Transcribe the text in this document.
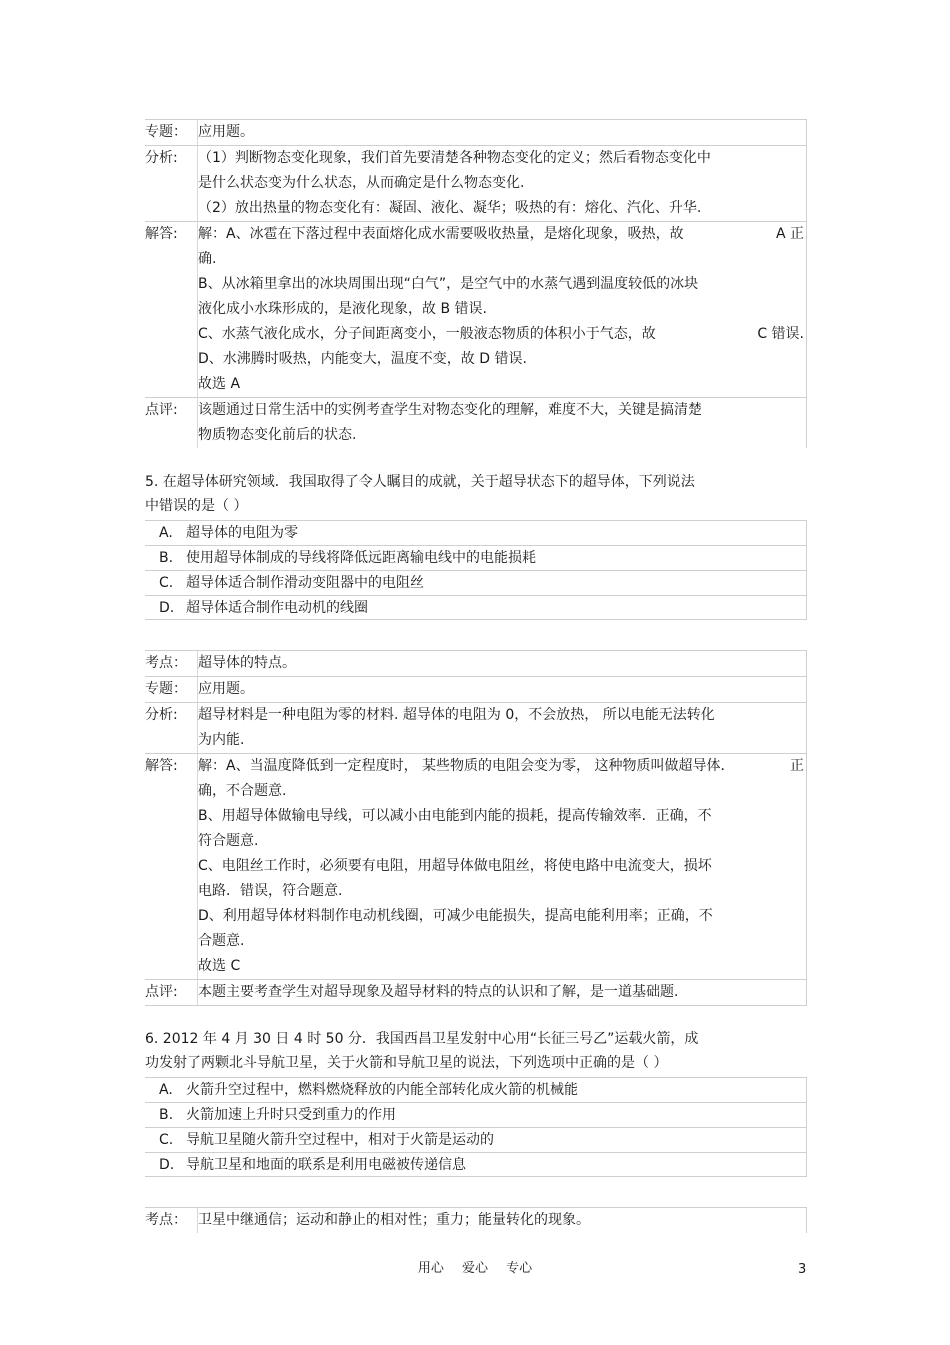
专题： 应用题。
分析:	（1）判断物态变化现象，我们首先要清楚各种物态变化的定义；然后看物态变化中
是什么状态变为什么状态，从而确定是什么物态变化.
（2）放出热量的物态变化有：凝固、液化、凝华；吸热的有：熔化、汽化、升华.
解答:	解：A、冰雹在下落过程中表面熔化成水需要吸收热量，是熔化现象，吸热，故	A 正
确.
B、从冰箱里拿出的冰块周围出现“白气”，是空气中的水蒸气遇到温度较低的冰块
液化成小水珠形成的，是液化现象，故 B 错误.
C、水蒸气液化成水，分子间距离变小，一般液态物质的体积小于气态，故	C 错误.
D、水沸腾时吸热，内能变大，温度不变，故 D 错误.
故选 A
点评:	该题通过日常生活中的实例考查学生对物态变化的理解，难度不大，关键是搞清楚
物质物态变化前后的状态.
5. 在超导体研究领域．我国取得了令人瞩目的成就，关于超导状态下的超导体，下列说法
中错误的是（ ）
A. 超导体的电阻为零
B. 使用超导体制成的导线将降低远距离输电线中的电能损耗
C. 超导体适合制作滑动变阻器中的电阻丝
D. 超导体适合制作电动机的线圈
考点： 超导体的特点。
专题： 应用题。
分析:	超导材料是一种电阻为零的材料. 超导体的电阻为 0，不会放热， 所以电能无法转化
为内能.
解答:	解：A、当温度降低到一定程度时， 某些物质的电阻会变为零， 这种物质叫做超导体．	正
确，不合题意.
B、用超导体做输电导线，可以减小由电能到内能的损耗，提高传输效率．正确，不
符合题意.
C、电阻丝工作时，必须要有电阻，用超导体做电阻丝，将使电路中电流变大，损坏
电路．错误，符合题意.
D、利用超导体材料制作电动机线圈，可减少电能损失，提高电能利用率；正确，不
合题意.
故选 C
点评:	本题主要考查学生对超导现象及超导材料的特点的认识和了解，是一道基础题.
6. 2012 年 4 月 30 日 4 时 50 分．我国西昌卫星发射中心用“长征三号乙”运载火箭，成
功发射了两颗北斗导航卫星，关于火箭和导航卫星的说法，下列选项中正确的是（ ）
A. 火箭升空过程中，燃料燃烧释放的内能全部转化成火箭的机械能
B. 火箭加速上升时只受到重力的作用
C. 导航卫星随火箭升空过程中，相对于火箭是运动的
D. 导航卫星和地面的联系是利用电磁被传递信息
考点： 卫星中继通信；运动和静止的相对性；重力；能量转化的现象。
用心 爱心 专心	3
